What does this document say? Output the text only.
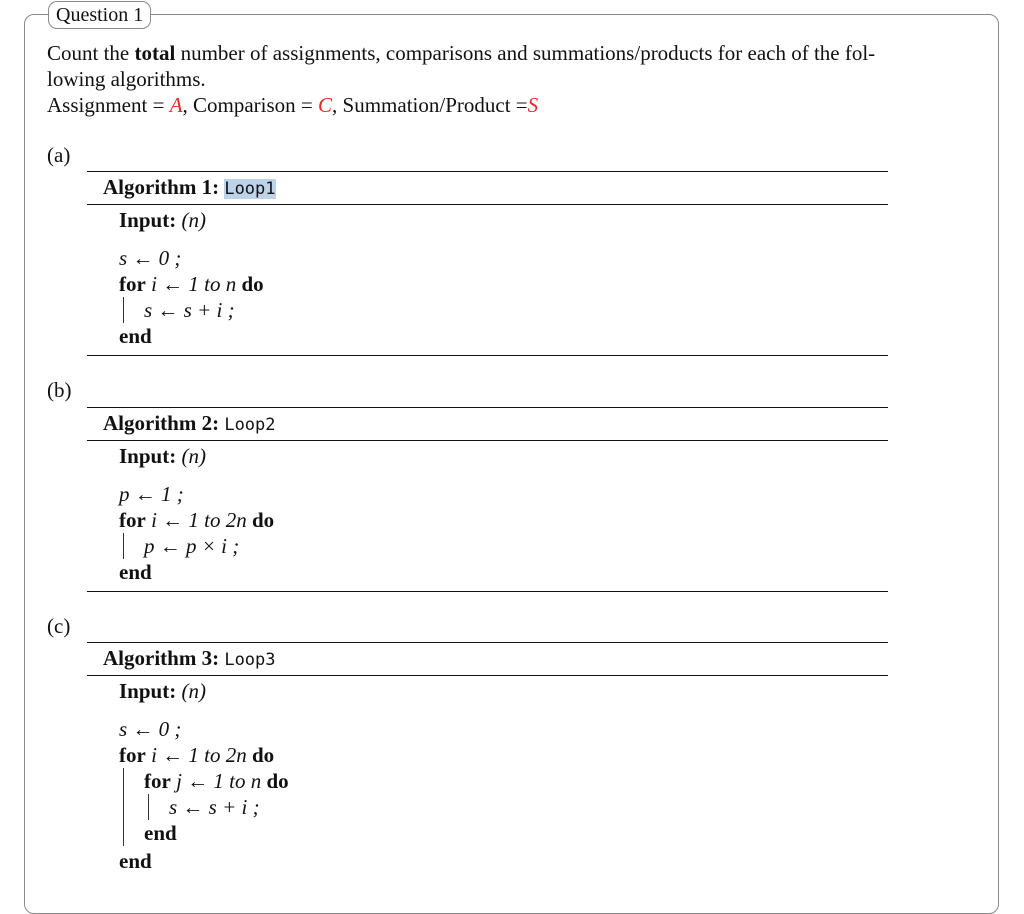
Question 1
Count the total number of assignments, comparisons and summations/products for each of the fol-
lowing algorithms.
Assignment = A, Comparison = C, Summation/Product =S
(a)
Algorithm 1: Loop1
Input: (n)
s ← 0 ;
for i ← 1 to n do
s ← s + i ;
end
(b)
Algorithm 2: Loop2
Input: (n)
p ← 1 ;
for i ← 1 to 2n do
p ← p × i ;
end
(c)
Algorithm 3: Loop3
Input: (n)
s ← 0 ;
for i ← 1 to 2n do
for j ← 1 to n do
s ← s + i ;
end
end
